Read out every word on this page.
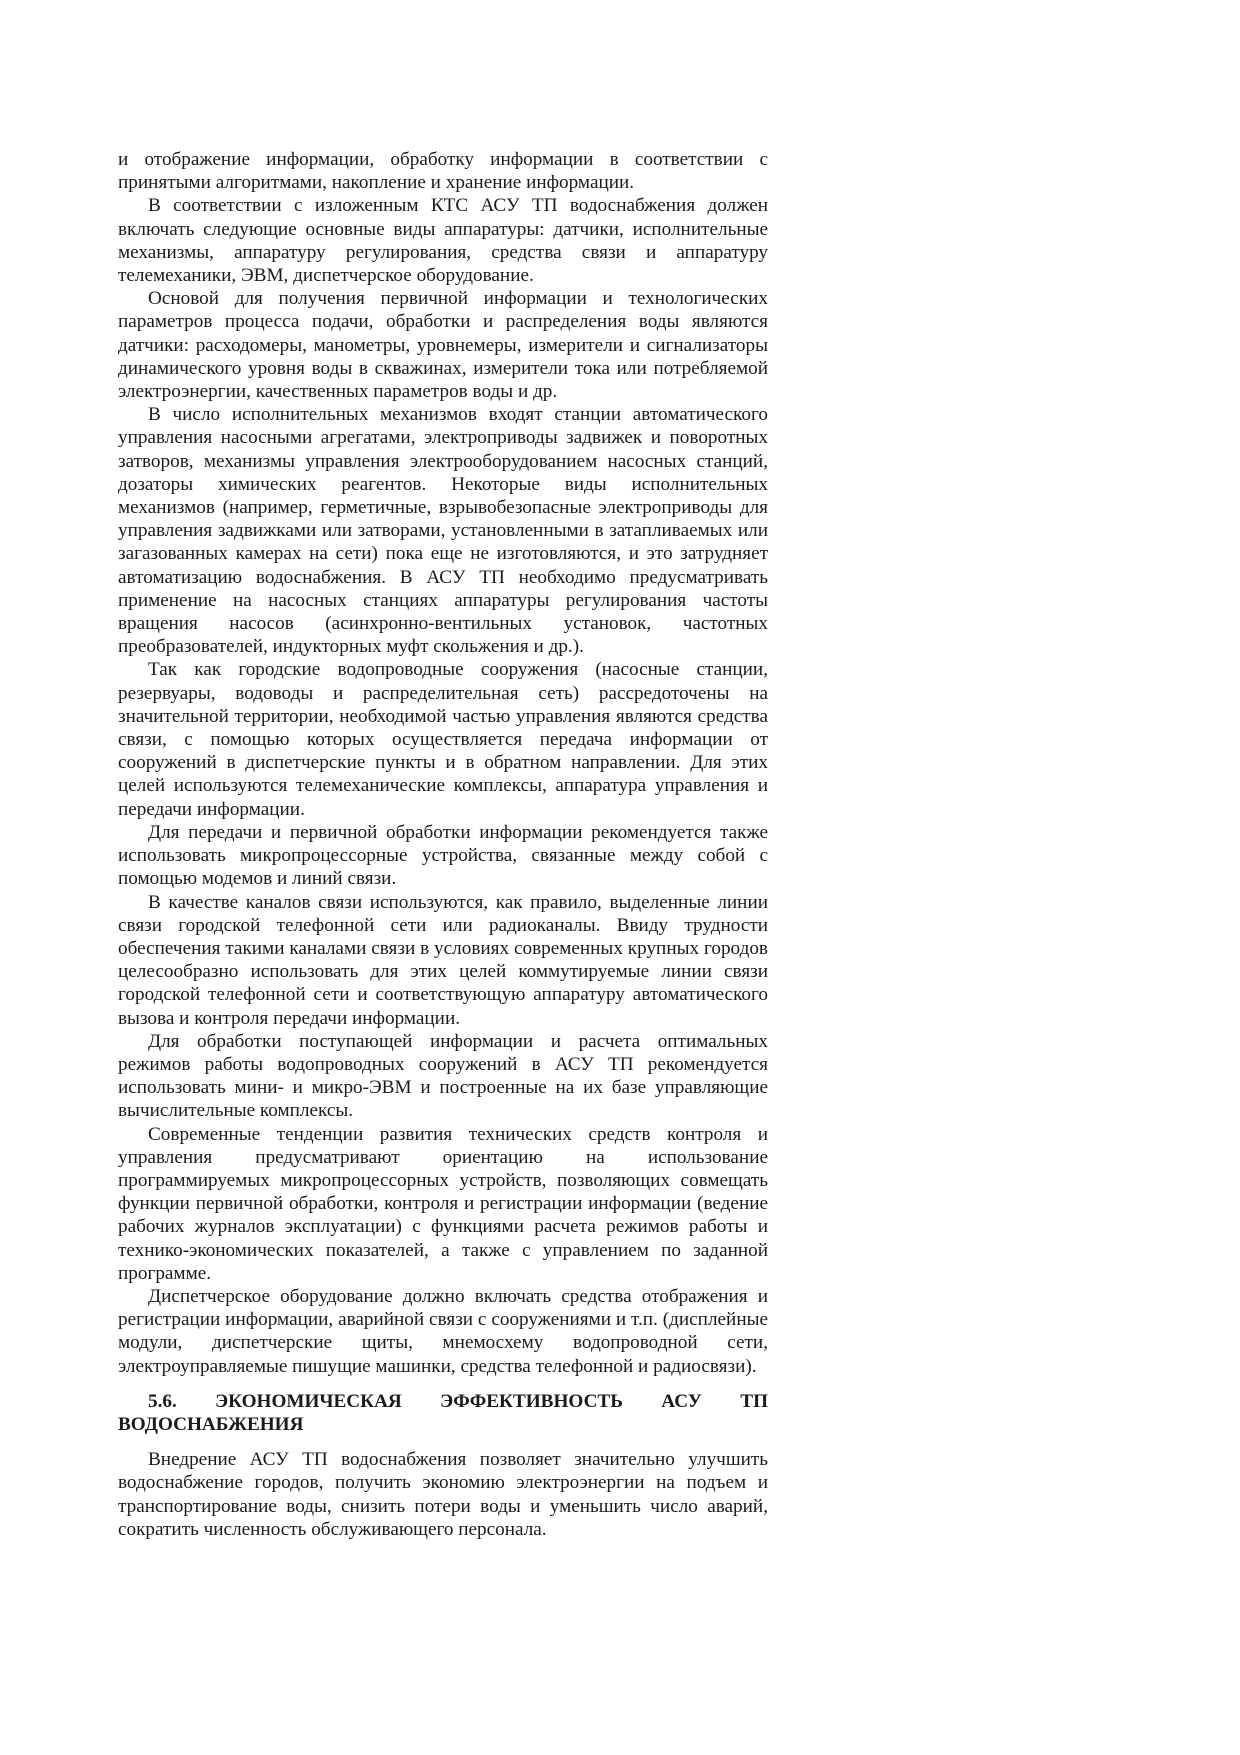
и отображение информации, обработку информации в соответствии с принятыми алгоритмами, накопление и хранение информации.

В соответствии с изложенным КТС АСУ ТП водоснабжения должен включать следующие основные виды аппаратуры: датчики, исполнительные механизмы, аппаратуру регулирования, средства связи и аппаратуру телемеханики, ЭВМ, диспетчерское оборудование.

Основой для получения первичной информации и технологических параметров процесса подачи, обработки и распределения воды являются датчики: расходомеры, манометры, уровнемеры, измерители и сигнализаторы динамического уровня воды в скважинах, измерители тока или потребляемой электроэнергии, качественных параметров воды и др.

В число исполнительных механизмов входят станции автоматического управления насосными агрегатами, электроприводы задвижек и поворотных затворов, механизмы управления электрооборудованием насосных станций, дозаторы химических реагентов. Некоторые виды исполнительных механизмов (например, герметичные, взрывобезопасные электроприводы для управления задвижками или затворами, установленными в затапливаемых или загазованных камерах на сети) пока еще не изготовляются, и это затрудняет автоматизацию водоснабжения. В АСУ ТП необходимо предусматривать применение на насосных станциях аппаратуры регулирования частоты вращения насосов (асинхронно-вентильных установок, частотных преобразователей, индукторных муфт скольжения и др.).

Так как городские водопроводные сооружения (насосные станции, резервуары, водоводы и распределительная сеть) рассредоточены на значительной территории, необходимой частью управления являются средства связи, с помощью которых осуществляется передача информации от сооружений в диспетчерские пункты и в обратном направлении. Для этих целей используются телемеханические комплексы, аппаратура управления и передачи информации.

Для передачи и первичной обработки информации рекомендуется также использовать микропроцессорные устройства, связанные между собой с помощью модемов и линий связи.

В качестве каналов связи используются, как правило, выделенные линии связи городской телефонной сети или радиоканалы. Ввиду трудности обеспечения такими каналами связи в условиях современных крупных городов целесообразно использовать для этих целей коммутируемые линии связи городской телефонной сети и соответствующую аппаратуру автоматического вызова и контроля передачи информации.

Для обработки поступающей информации и расчета оптимальных режимов работы водопроводных сооружений в АСУ ТП рекомендуется использовать мини- и микро-ЭВМ и построенные на их базе управляющие вычислительные комплексы.

Современные тенденции развития технических средств контроля и управления предусматривают ориентацию на использование программируемых микропроцессорных устройств, позволяющих совмещать функции первичной обработки, контроля и регистрации информации (ведение рабочих журналов эксплуатации) с функциями расчета режимов работы и технико-экономических показателей, а также с управлением по заданной программе.

Диспетчерское оборудование должно включать средства отображения и регистрации информации, аварийной связи с сооружениями и т.п. (дисплейные модули, диспетчерские щиты, мнемосхему водопроводной сети, электроуправляемые пишущие машинки, средства телефонной и радиосвязи).

5.6. ЭКОНОМИЧЕСКАЯ ЭФФЕКТИВНОСТЬ АСУ ТП ВОДОСНАБЖЕНИЯ

Внедрение АСУ ТП водоснабжения позволяет значительно улучшить водоснабжение городов, получить экономию электроэнергии на подъем и транспортирование воды, снизить потери воды и уменьшить число аварий, сократить численность обслуживающего персонала.
